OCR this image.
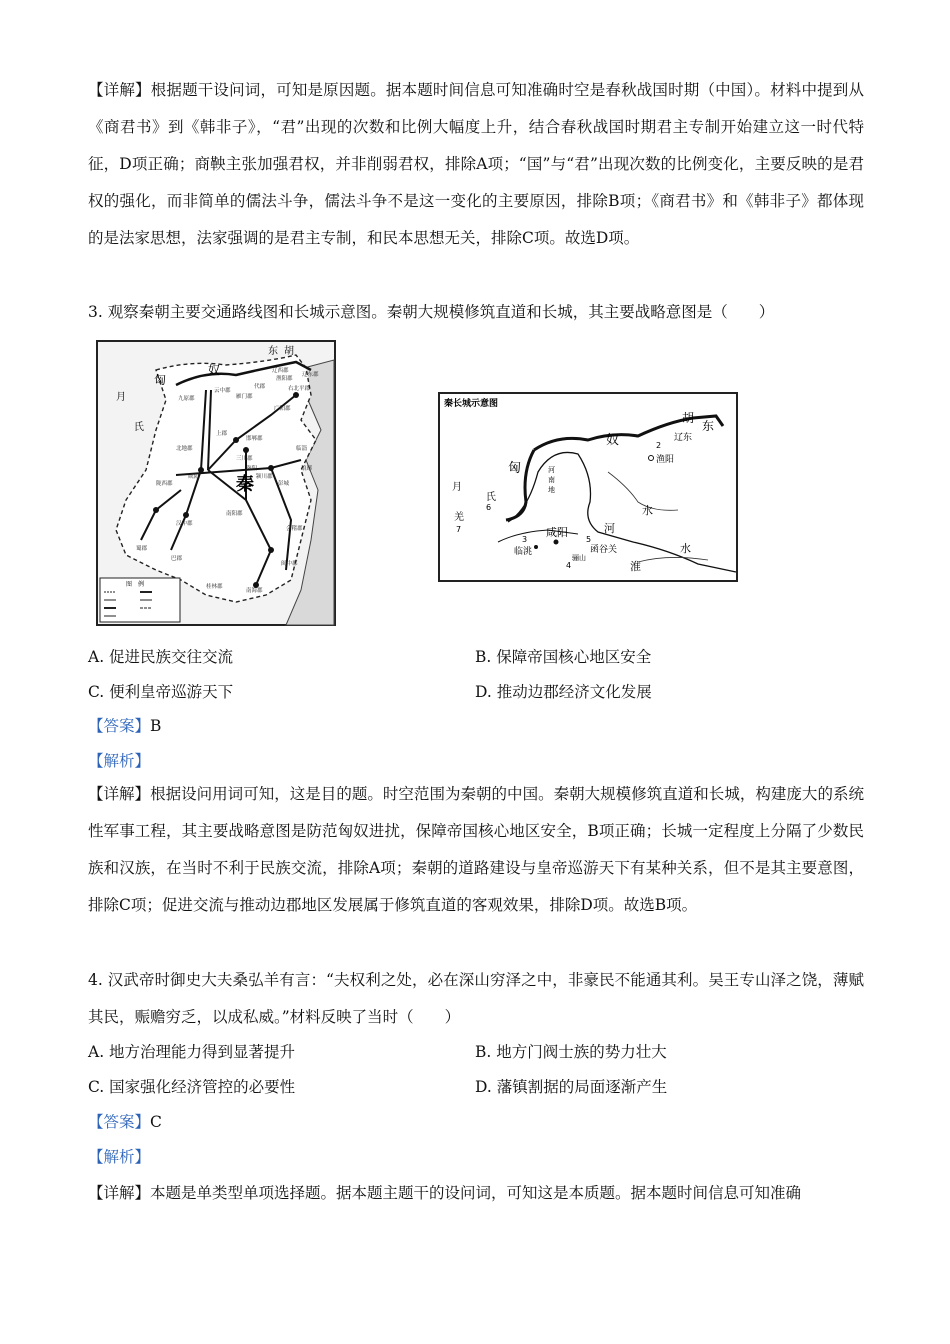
【详解】根据题干设问词，可知是原因题。据本题时间信息可知准确时空是春秋战国时期（中国）。材料中提到从《商君书》到《韩非子》，“君”出现的次数和比例大幅度上升，结合春秋战国时期君主专制开始建立这一时代特征，D项正确；商鞅主张加强君权，并非削弱君权，排除A项；“国”与“君”出现次数的比例变化，主要反映的是君权的强化，而非简单的儒法斗争，儒法斗争不是这一变化的主要原因，排除B项；《商君书》和《韩非子》都体现的是法家思想，法家强调的是君主专制，和民本思想无关，排除C项。故选D项。
3. 观察秦朝主要交通路线图和长城示意图。秦朝大规模修筑直道和长城，其主要战略意图是（　　）
匈
奴
东 胡
秦
月
氏
九原郡
云中郡
雁门郡
代郡
渔阳郡
右北平郡
辽西郡
辽东郡
上郡
北地郡
陇西郡
汉中郡
巴郡
蜀郡
南阳郡
颍川郡
三川郡
邯郸郡
会稽郡
闽中郡
南海郡
桂林郡
咸阳
洛阳
广阳郡
临淄
琅琊
彭城
图　例
秦长城示意图
胡
东
奴
匈	河
南
地
月
氏
羌
咸阳
临洮
渔阳
辽东
函谷关
骊山
河
水
淮
水
2
3
4
5
6
7
A. 促进民族交往交流	B. 保障帝国核心地区安全
C. 便利皇帝巡游天下	D. 推动边郡经济文化发展
【答案】B
【解析】
【详解】根据设问用词可知，这是目的题。时空范围为秦朝的中国。秦朝大规模修筑直道和长城，构建庞大的系统性军事工程，其主要战略意图是防范匈奴进扰，保障帝国核心地区安全，B项正确；长城一定程度上分隔了少数民族和汉族，在当时不利于民族交流，排除A项；秦朝的道路建设与皇帝巡游天下有某种关系，但不是其主要意图，排除C项；促进交流与推动边郡地区发展属于修筑直道的客观效果，排除D项。故选B项。
4. 汉武帝时御史大夫桑弘羊有言：“夫权利之处，必在深山穷泽之中，非豪民不能通其利。吴王专山泽之饶，薄赋其民，赈赡穷乏，以成私威。”材料反映了当时（　　）
A. 地方治理能力得到显著提升	B. 地方门阀士族的势力壮大
C. 国家强化经济管控的必要性	D. 藩镇割据的局面逐渐产生
【答案】C
【解析】
【详解】本题是单类型单项选择题。据本题主题干的设问词，可知这是本质题。据本题时间信息可知准确
